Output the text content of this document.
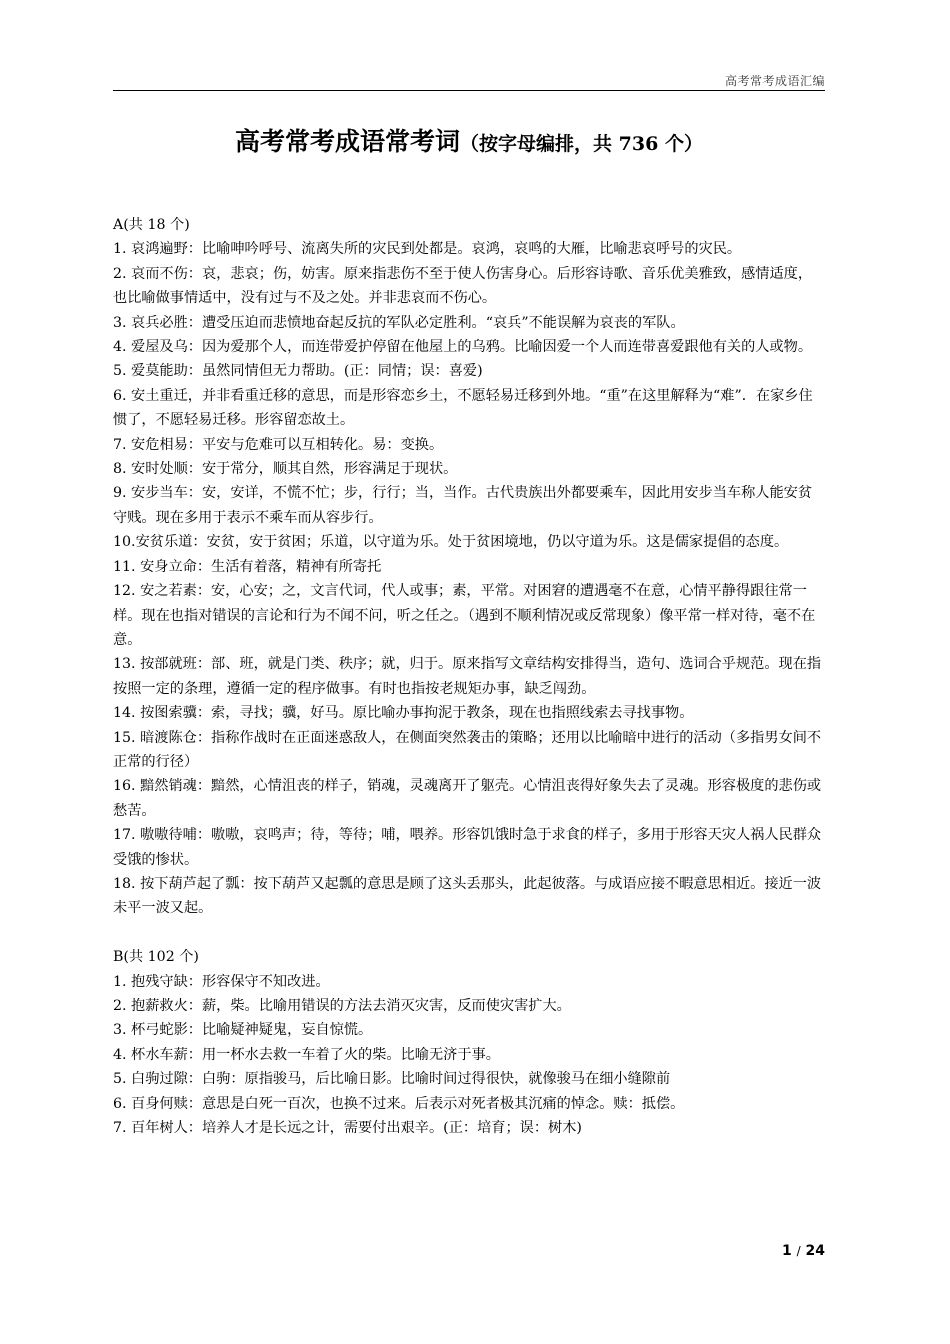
高考常考成语汇编
高考常考成语常考词（按字母编排，共 736 个）

A(共 18 个)

1. 哀鸿遍野：比喻呻吟呼号、流离失所的灾民到处都是。哀鸿，哀鸣的大雁，比喻悲哀呼号的灾民。

2. 哀而不伤：哀，悲哀；伤，妨害。原来指悲伤不至于使人伤害身心。后形容诗歌、音乐优美雅致，感情适度，也比喻做事情适中，没有过与不及之处。并非悲哀而不伤心。

3. 哀兵必胜：遭受压迫而悲愤地奋起反抗的军队必定胜利。“哀兵”不能误解为哀丧的军队。

4. 爱屋及乌：因为爱那个人，而连带爱护停留在他屋上的乌鸦。比喻因爱一个人而连带喜爱跟他有关的人或物。

5. 爱莫能助：虽然同情但无力帮助。(正：同情；误：喜爱)

6. 安土重迁，并非看重迁移的意思，而是形容恋乡土，不愿轻易迁移到外地。“重”在这里解释为“难”．在家乡住惯了，不愿轻易迁移。形容留恋故土。

7. 安危相易：平安与危难可以互相转化。易：变换。

8. 安时处顺：安于常分，顺其自然，形容满足于现状。

9. 安步当车：安，安详，不慌不忙；步，行行；当，当作。古代贵族出外都要乘车，因此用安步当车称人能安贫守贱。现在多用于表示不乘车而从容步行。

10.安贫乐道：安贫，安于贫困；乐道，以守道为乐。处于贫困境地，仍以守道为乐。这是儒家提倡的态度。

11. 安身立命：生活有着落，精神有所寄托

12. 安之若素：安，心安；之，文言代词，代人或事；素，平常。对困窘的遭遇毫不在意，心情平静得跟往常一样。现在也指对错误的言论和行为不闻不问，听之任之。（遇到不顺利情况或反常现象）像平常一样对待，毫不在意。

13. 按部就班：部、班，就是门类、秩序；就，归于。原来指写文章结构安排得当，造句、选词合乎规范。现在指按照一定的条理，遵循一定的程序做事。有时也指按老规矩办事，缺乏闯劲。

14. 按图索骥：索，寻找；骥，好马。原比喻办事拘泥于教条，现在也指照线索去寻找事物。

15. 暗渡陈仓：指称作战时在正面迷惑敌人，在侧面突然袭击的策略；还用以比喻暗中进行的活动（多指男女间不正常的行径）

16. 黯然销魂：黯然，心情沮丧的样子，销魂，灵魂离开了躯壳。心情沮丧得好象失去了灵魂。形容极度的悲伤或愁苦。

17. 嗷嗷待哺：嗷嗷，哀鸣声；待，等待；哺，喂养。形容饥饿时急于求食的样子，多用于形容天灾人祸人民群众受饿的惨状。

18. 按下葫芦起了瓢：按下葫芦又起瓢的意思是顾了这头丢那头，此起彼落。与成语应接不暇意思相近。接近一波未平一波又起。

B(共 102 个)

1. 抱残守缺：形容保守不知改进。

2. 抱薪救火：薪，柴。比喻用错误的方法去消灭灾害，反而使灾害扩大。

3. 杯弓蛇影：比喻疑神疑鬼，妄自惊慌。

4. 杯水车薪：用一杯水去救一车着了火的柴。比喻无济于事。

5. 白驹过隙：白驹：原指骏马，后比喻日影。比喻时间过得很快，就像骏马在细小缝隙前

6. 百身何赎：意思是白死一百次，也换不过来。后表示对死者极其沉痛的悼念。赎：抵偿。

7. 百年树人：培养人才是长远之计，需要付出艰辛。(正：培育；误：树木)

1 / 24
